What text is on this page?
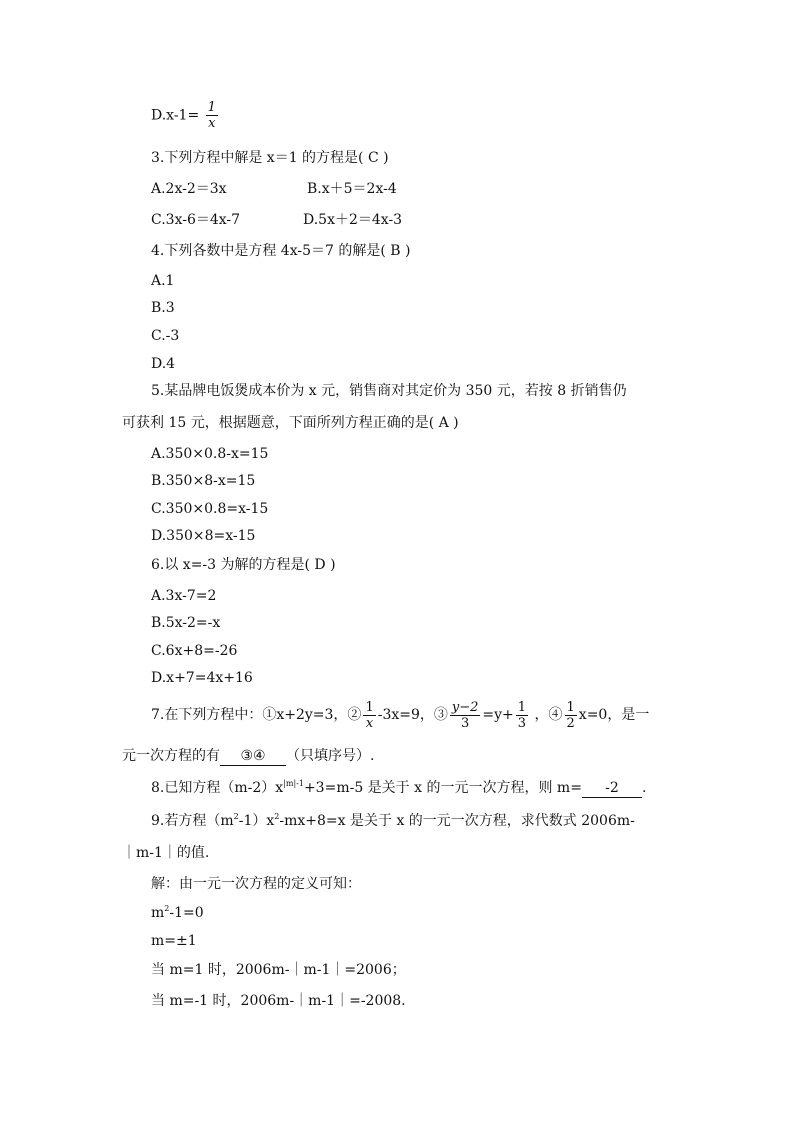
$D.x-1= \frac{1}{x}$
3.下列方程中解是 x＝1 的方程是( C )
A.2x-2＝3x	B.x＋5＝2x-4
C.3x-6＝4x-7	D.5x＋2＝4x-3
4.下列各数中是方程 4x-5＝7 的解是( B )
A.1
B.3
C.-3
D.4
5.某品牌电饭煲成本价为 x 元，销售商对其定价为 350 元，若按 8 折销售仍
可获利 15 元，根据题意，下面所列方程正确的是( A )
A.350×0.8-x=15
B.350×8-x=15
C.350×0.8=x-15
D.350×8=x-15
6.以 x=-3 为解的方程是( D )
A.3x-7=2
B.5x-2=-x
C.6x+8=-26
D.x+7=4x+16
7.在下列方程中：①x+2y=3，② $\frac{1}{x} -3x=9$，③ $\frac{y-2}{3} =y+ \frac{1}{3}$ ，④ $\frac{1}{2} x=0$，是一
元一次方程的有 ③④ （只填序号）.
8.已知方程$(m-2)x^{|m|-1}+3=m-5$ 是关于 x 的一元一次方程，则 m= -2 .
9.若方程$(m^2-1)x^2-mx+8=x$ 是关于 x 的一元一次方程，求代数式 2006m-
｜m-1｜的值.
解：由一元一次方程的定义可知：
$m^2-1=0$
m=±1
当 m=1 时，2006m-｜m-1｜=2006；
当 m=-1 时，2006m-｜m-1｜=-2008.
